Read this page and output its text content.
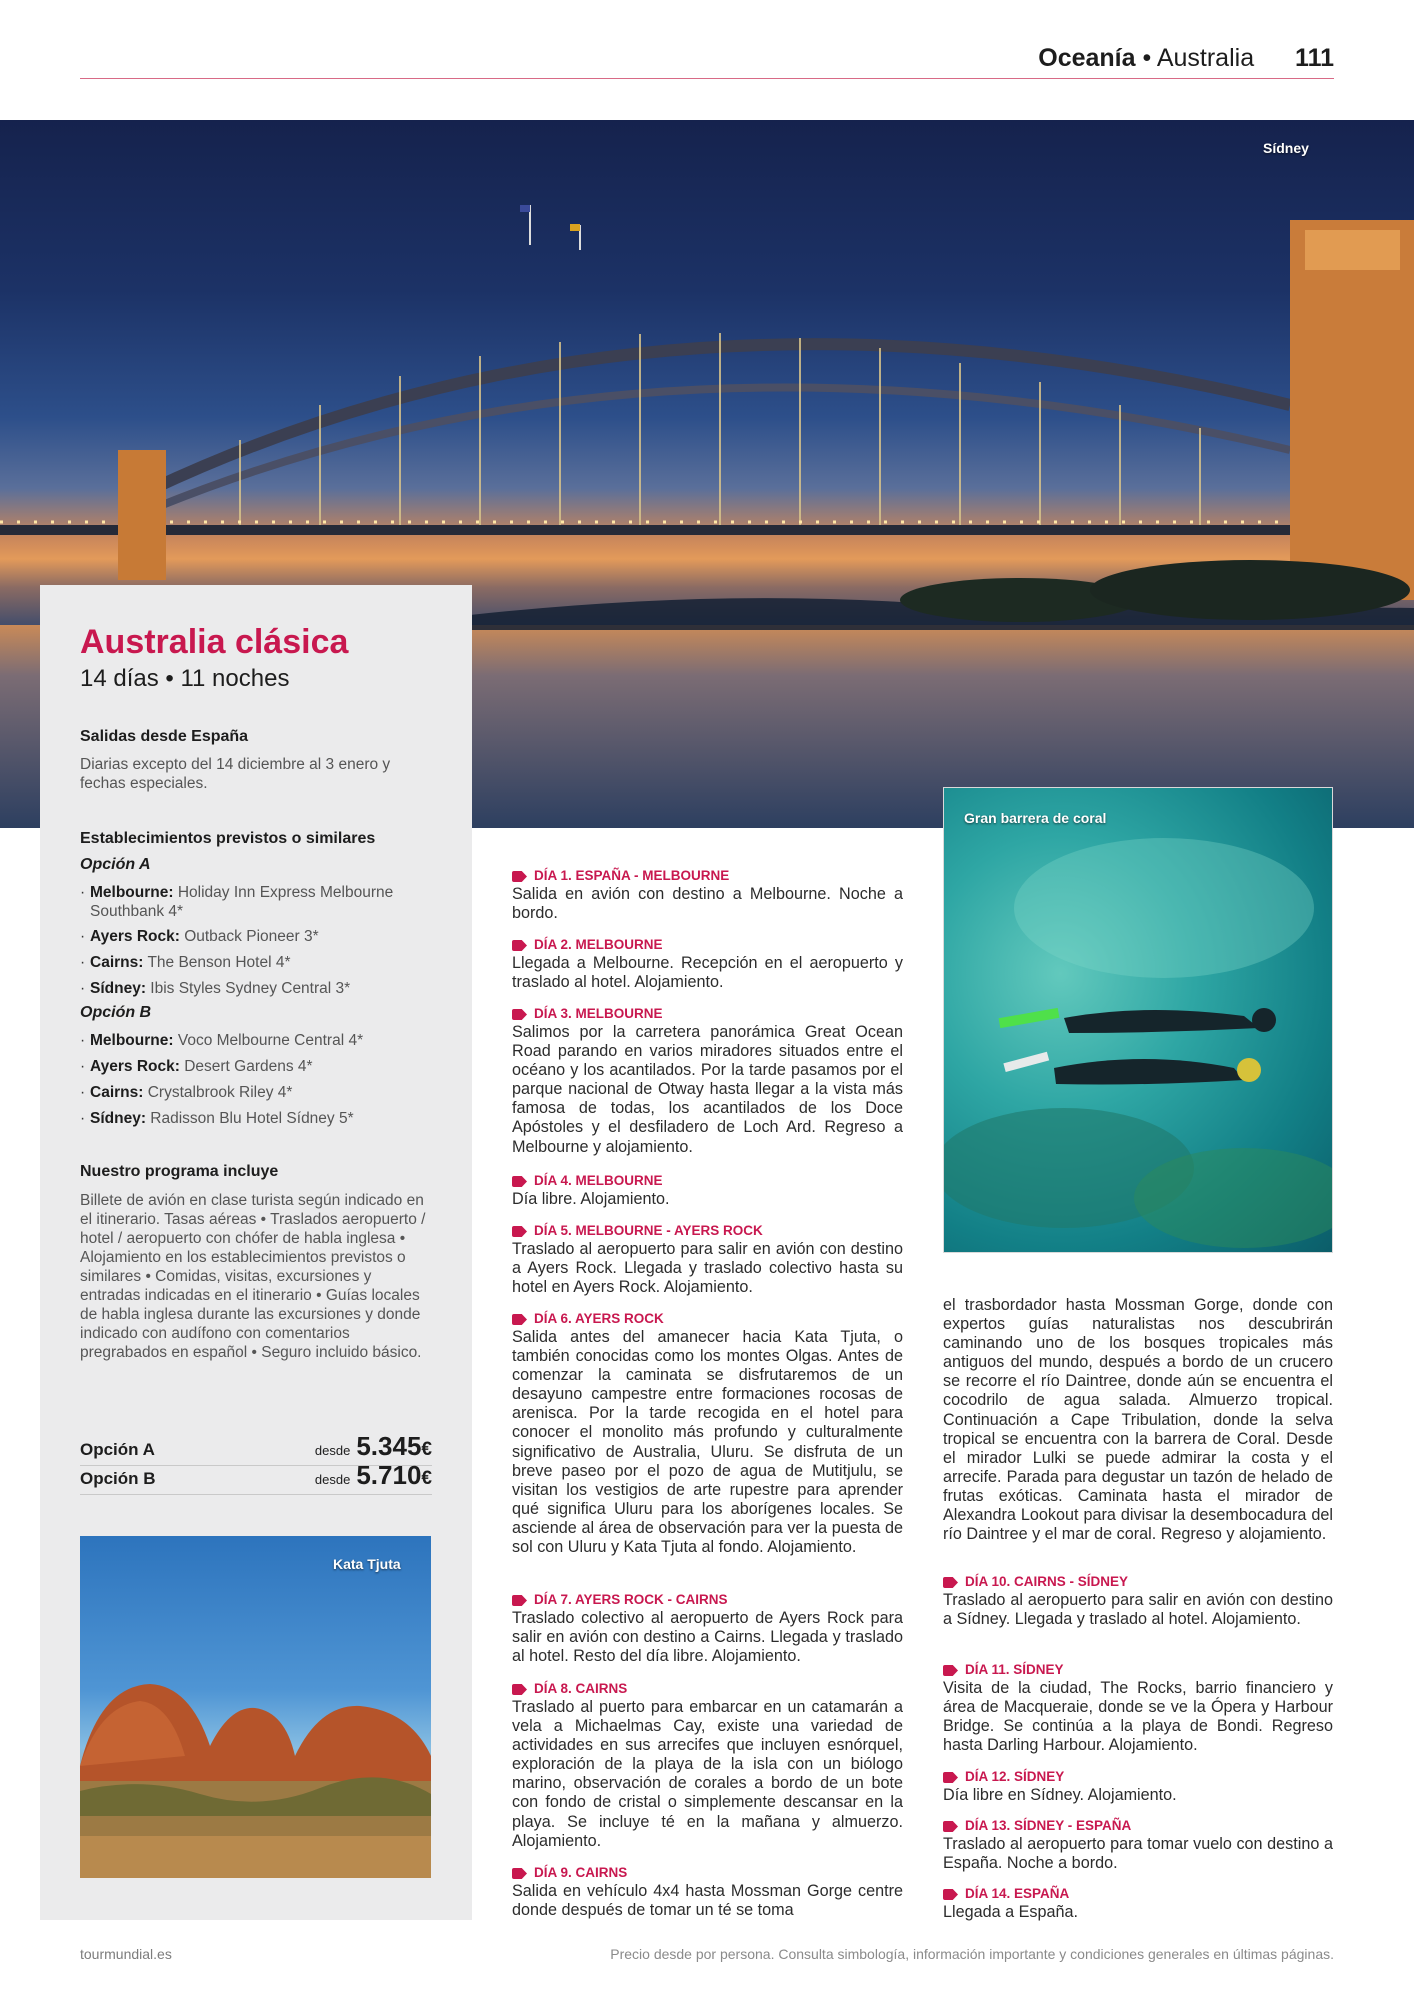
Oceanía • Australia 111
Sídney
Australia clásica
14 días • 11 noches
Salidas desde España
Diarias excepto del 14 diciembre al 3 enero y fechas especiales.
Establecimientos previstos o similares
Opción A
· Melbourne: Holiday Inn Express Melbourne Southbank 4*
· Ayers Rock: Outback Pioneer 3*
· Cairns: The Benson Hotel 4*
· Sídney: Ibis Styles Sydney Central 3*
Opción B
· Melbourne: Voco Melbourne Central 4*
· Ayers Rock: Desert Gardens 4*
· Cairns: Crystalbrook Riley 4*
· Sídney: Radisson Blu Hotel Sídney 5*
Nuestro programa incluye
Billete de avión en clase turista según indicado en el itinerario. Tasas aéreas • Traslados aeropuerto / hotel / aeropuerto con chófer de habla inglesa • Alojamiento en los establecimientos previstos o similares • Comidas, visitas, excursiones y entradas indicadas en el itinerario • Guías locales de habla inglesa durante las excursiones y donde indicado con audífono con comentarios pregrabados en español • Seguro incluido básico.
Opción A	desde 5.345€
Opción B	desde 5.710€
Kata Tjuta
DÍA 1. ESPAÑA - MELBOURNE
Salida en avión con destino a Melbourne. Noche a bordo.
DÍA 2. MELBOURNE
Llegada a Melbourne. Recepción en el aeropuerto y traslado al hotel. Alojamiento.
DÍA 3. MELBOURNE
Salimos por la carretera panorámica Great Ocean Road parando en varios miradores situados entre el océano y los acantilados. Por la tarde pasamos por el parque nacional de Otway hasta llegar a la vista más famosa de todas, los acantilados de los Doce Apóstoles y el desfiladero de Loch Ard. Regreso a Melbourne y alojamiento.
DÍA 4. MELBOURNE
Día libre. Alojamiento.
DÍA 5. MELBOURNE - AYERS ROCK
Traslado al aeropuerto para salir en avión con destino a Ayers Rock. Llegada y traslado colectivo hasta su hotel en Ayers Rock. Alojamiento.
DÍA 6. AYERS ROCK
Salida antes del amanecer hacia Kata Tjuta, o también conocidas como los montes Olgas. Antes de comenzar la caminata se disfrutaremos de un desayuno campestre entre formaciones rocosas de arenisca. Por la tarde recogida en el hotel para conocer el monolito más profundo y culturalmente significativo de Australia, Uluru. Se disfruta de un breve paseo por el pozo de agua de Mutitjulu, se visitan los vestigios de arte rupestre para aprender qué significa Uluru para los aborígenes locales. Se asciende al área de observación para ver la puesta de sol con Uluru y Kata Tjuta al fondo. Alojamiento.
DÍA 7. AYERS ROCK - CAIRNS
Traslado colectivo al aeropuerto de Ayers Rock para salir en avión con destino a Cairns. Llegada y traslado al hotel. Resto del día libre. Alojamiento.
DÍA 8. CAIRNS
Traslado al puerto para embarcar en un catamarán a vela a Michaelmas Cay, existe una variedad de actividades en sus arrecifes que incluyen esnórquel, exploración de la playa de la isla con un biólogo marino, observación de corales a bordo de un bote con fondo de cristal o simplemente descansar en la playa. Se incluye té en la mañana y almuerzo. Alojamiento.
DÍA 9. CAIRNS
Salida en vehículo 4x4 hasta Mossman Gorge centre donde después de tomar un té se toma
Gran barrera de coral
el trasbordador hasta Mossman Gorge, donde con expertos guías naturalistas nos descubrirán caminando uno de los bosques tropicales más antiguos del mundo, después a bordo de un crucero se recorre el río Daintree, donde aún se encuentra el cocodrilo de agua salada. Almuerzo tropical. Continuación a Cape Tribulation, donde la selva tropical se encuentra con la barrera de Coral. Desde el mirador Lulki se puede admirar la costa y el arrecife. Parada para degustar un tazón de helado de frutas exóticas. Caminata hasta el mirador de Alexandra Lookout para divisar la desembocadura del río Daintree y el mar de coral. Regreso y alojamiento.
DÍA 10. CAIRNS - SÍDNEY
Traslado al aeropuerto para salir en avión con destino a Sídney. Llegada y traslado al hotel. Alojamiento.
DÍA 11. SÍDNEY
Visita de la ciudad, The Rocks, barrio financiero y área de Macqueraie, donde se ve la Ópera y Harbour Bridge. Se continúa a la playa de Bondi. Regreso hasta Darling Harbour. Alojamiento.
DÍA 12. SÍDNEY
Día libre en Sídney. Alojamiento.
DÍA 13. SÍDNEY - ESPAÑA
Traslado al aeropuerto para tomar vuelo con destino a España. Noche a bordo.
DÍA 14. ESPAÑA
Llegada a España.
tourmundial.es	Precio desde por persona. Consulta simbología, información importante y condiciones generales en últimas páginas.
